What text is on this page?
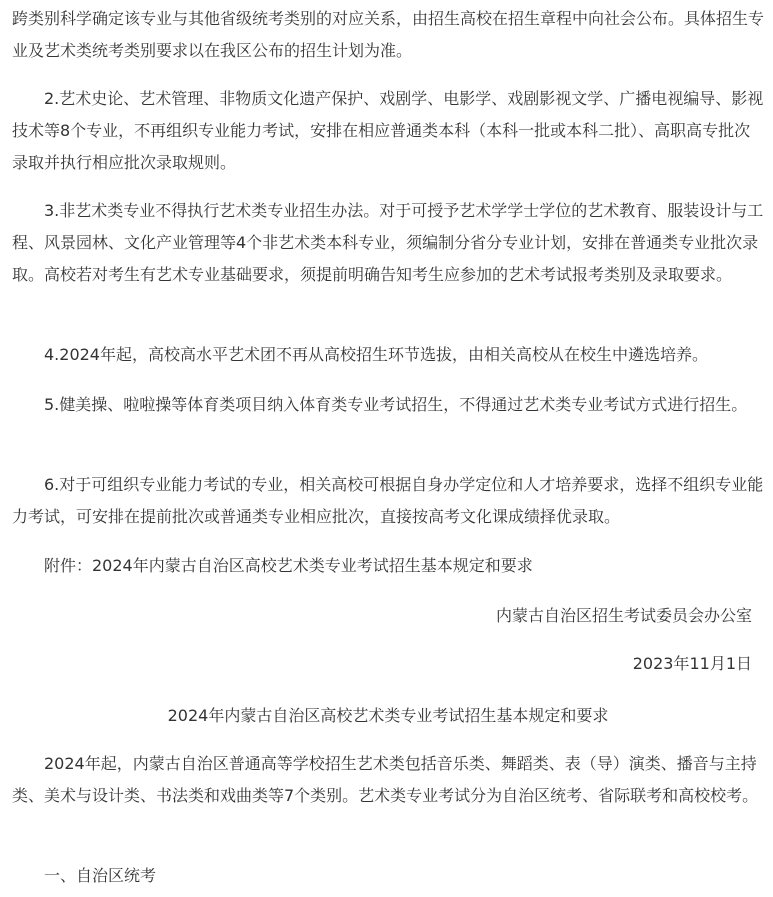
跨类别科学确定该专业与其他省级统考类别的对应关系，由招生高校在招生章程中向社会公布。具体招生专业及艺术类统考类别要求以在我区公布的招生计划为准。

2.艺术史论、艺术管理、非物质文化遗产保护、戏剧学、电影学、戏剧影视文学、广播电视编导、影视技术等8个专业，不再组织专业能力考试，安排在相应普通类本科（本科一批或本科二批）、高职高专批次录取并执行相应批次录取规则。

3.非艺术类专业不得执行艺术类专业招生办法。对于可授予艺术学学士学位的艺术教育、服装设计与工程、风景园林、文化产业管理等4个非艺术类本科专业，须编制分省分专业计划，安排在普通类专业批次录取。高校若对考生有艺术专业基础要求，须提前明确告知考生应参加的艺术考试报考类别及录取要求。

4.2024年起，高校高水平艺术团不再从高校招生环节选拔，由相关高校从在校生中遴选培养。

5.健美操、啦啦操等体育类项目纳入体育类专业考试招生，不得通过艺术类专业考试方式进行招生。

6.对于可组织专业能力考试的专业，相关高校可根据自身办学定位和人才培养要求，选择不组织专业能力考试，可安排在提前批次或普通类专业相应批次，直接按高考文化课成绩择优录取。

附件：2024年内蒙古自治区高校艺术类专业考试招生基本规定和要求

内蒙古自治区招生考试委员会办公室

2023年11月1日

2024年内蒙古自治区高校艺术类专业考试招生基本规定和要求

2024年起，内蒙古自治区普通高等学校招生艺术类包括音乐类、舞蹈类、表（导）演类、播音与主持类、美术与设计类、书法类和戏曲类等7个类别。艺术类专业考试分为自治区统考、省际联考和高校校考。

一、自治区统考
